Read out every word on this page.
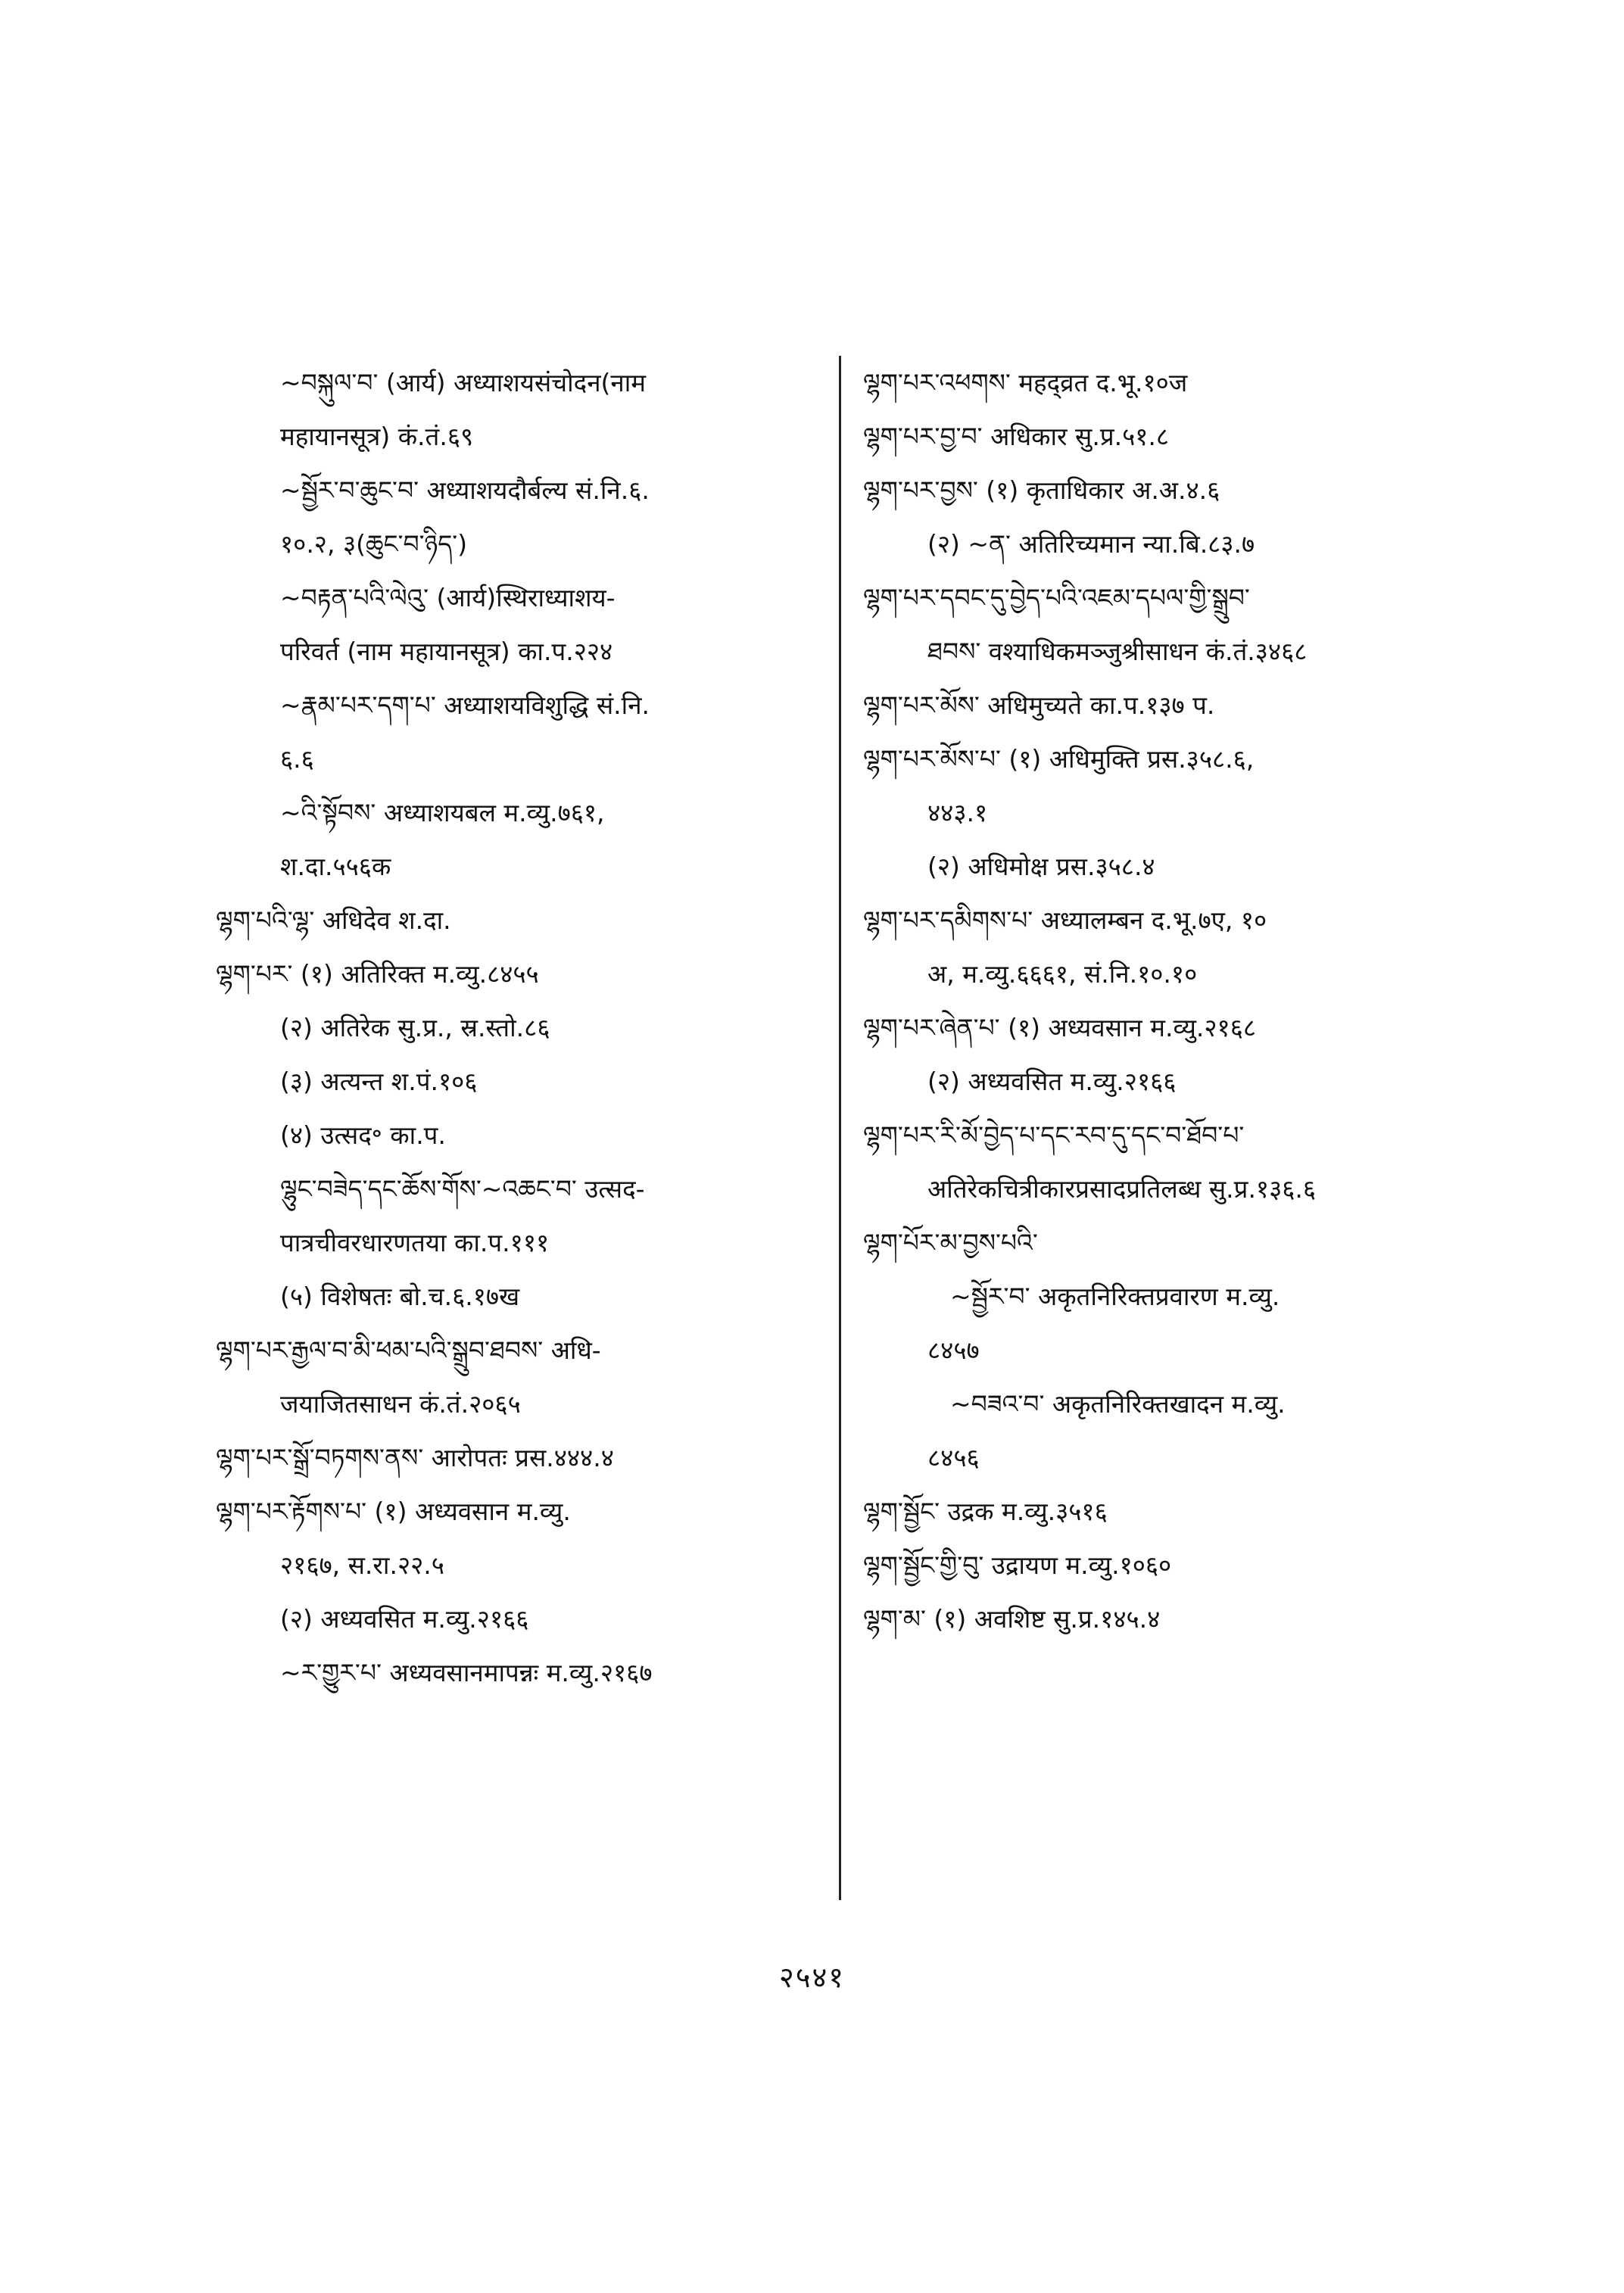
~བསྐུལ་བ་ (आर्य) अध्याशयसंचोदन(नाम
महायानसूत्र) कं.तं.६९
~སྦྱོར་བ་ཆུང་བ་ अध्याशयदौर्बल्य सं.नि.६.
१०.२, ३(ཆུང་བ་ཉིད་)
~བརྟན་པའི་ལེའུ་ (आर्य)स्थिराध्याशय-
परिवर्त (नाम महायानसूत्र) का.प.२२४
~རྣམ་པར་དག་པ་ अध्याशयविशुद्धि सं.नि.
६.६
~འི་སྟོབས་ अध्याशयबल म.व्यु.७६१,
श.दा.५५६क
ལྷག་པའི་ལྷ་ अधिदेव श.दा.
ལྷག་པར་ (१) अतिरिक्त म.व्यु.८४५५
(२) अतिरेक सु.प्र., स्र.स्तो.८६
(३) अत्यन्त श.पं.१०६
(४) उत्सद॰ का.प.
ལྷུང་བཟེད་དང་ཆོས་གོས་~འཆང་བ་ उत्सद-
पात्रचीवरधारणतया का.प.१११
(५) विशेषतः बो.च.६.१७ख
ལྷག་པར་རྒྱལ་བ་མི་ཕམ་པའི་སྒྲུབ་ཐབས་ अधि-
जयाजितसाधन कं.तं.२०६५
ལྷག་པར་སྒྲོ་བཏགས་ནས་ आरोपतः प्रस.४४४.४
ལྷག་པར་རྟོགས་པ་ (१) अध्यवसान म.व्यु.
२१६७, स.रा.२२.५
(२) अध्यवसित म.व्यु.२१६६
~ར་གྱུར་པ་ अध्यवसानमापन्नः म.व्यु.२१६७
ལྷག་པར་འཕགས་ महद्व्रत द.भू.१०ज
ལྷག་པར་བྱ་བ་ अधिकार सु.प्र.५१.८
ལྷག་པར་བྱས་ (१) कृताधिकार अ.अ.४.६
(२) ~ན་ अतिरिच्यमान न्या.बि.८३.७
ལྷག་པར་དབང་དུ་བྱེད་པའི་འཇམ་དཔལ་གྱི་སྒྲུབ་
ཐབས་ वश्याधिकमञ्जुश्रीसाधन कं.तं.३४६८
ལྷག་པར་མོས་ अधिमुच्यते का.प.१३७ प.
ལྷག་པར་མོས་པ་ (१) अधिमुक्ति प्रस.३५८.६,
४४३.१
(२) अधिमोक्ष प्रस.३५८.४
ལྷག་པར་དམིགས་པ་ अध्यालम्बन द.भू.७ए, १०
अ, म.व्यु.६६६१, सं.नि.१०.१०
ལྷག་པར་ཞེན་པ་ (१) अध्यवसान म.व्यु.२१६८
(२) अध्यवसित म.व्यु.२१६६
ལྷག་པར་རི་མོ་བྱེད་པ་དང་རབ་དུ་དང་བ་ཐོབ་པ་
अतिरेकचित्रीकारप्रसादप्रतिलब्ध सु.प्र.१३६.६
ལྷག་པོར་མ་བྱས་པའི་
~སྦྱོར་བ་ अकृतनिरिक्तप्रवारण म.व्यु.
८४५७
~བཟའ་བ་ अकृतनिरिक्तखादन म.व्यु.
८४५६
ལྷག་སྦྱོང་ उद्रक म.व्यु.३५१६
ལྷག་སྦྱོང་གྱི་བུ་ उद्रायण म.व्यु.१०६०
ལྷག་མ་ (१) अवशिष्ट सु.प्र.१४५.४
२५४१
